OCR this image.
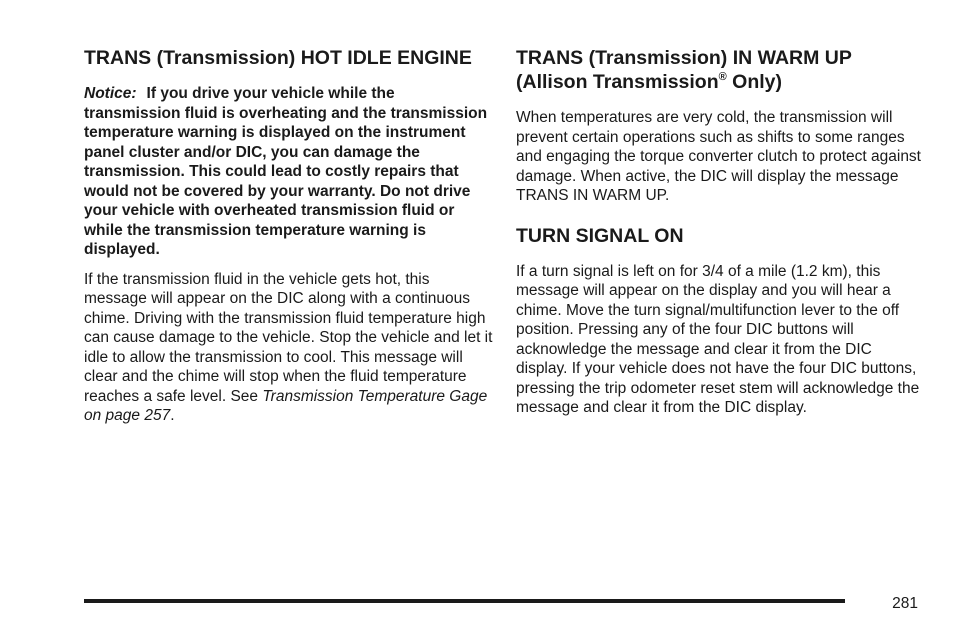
TRANS (Transmission) HOT IDLE ENGINE

Notice: If you drive your vehicle while the transmission fluid is overheating and the transmission temperature warning is displayed on the instrument panel cluster and/or DIC, you can damage the transmission. This could lead to costly repairs that would not be covered by your warranty. Do not drive your vehicle with overheated transmission fluid or while the transmission temperature warning is displayed.

If the transmission fluid in the vehicle gets hot, this message will appear on the DIC along with a continuous chime. Driving with the transmission fluid temperature high can cause damage to the vehicle. Stop the vehicle and let it idle to allow the transmission to cool. This message will clear and the chime will stop when the fluid temperature reaches a safe level. See Transmission Temperature Gage on page 257.

TRANS (Transmission) IN WARM UP
(Allison Transmission® Only)

When temperatures are very cold, the transmission will prevent certain operations such as shifts to some ranges and engaging the torque converter clutch to protect against damage. When active, the DIC will display the message TRANS IN WARM UP.

TURN SIGNAL ON

If a turn signal is left on for 3/4 of a mile (1.2 km), this message will appear on the display and you will hear a chime. Move the turn signal/multifunction lever to the off position. Pressing any of the four DIC buttons will acknowledge the message and clear it from the DIC display. If your vehicle does not have the four DIC buttons, pressing the trip odometer reset stem will acknowledge the message and clear it from the DIC display.

281
